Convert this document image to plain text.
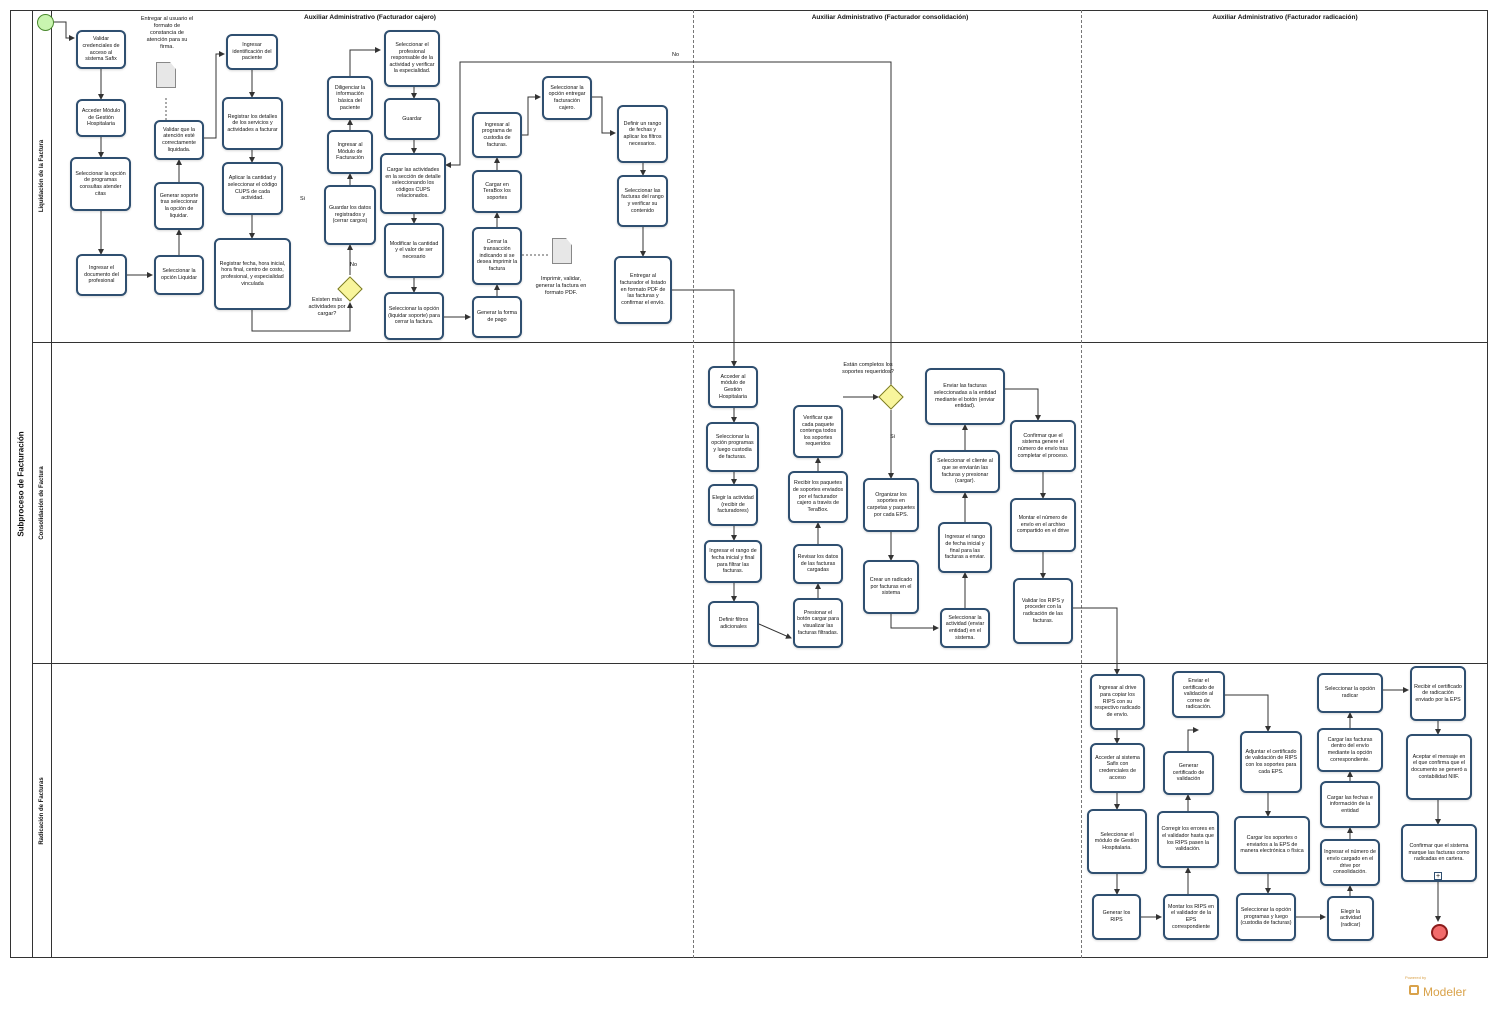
Subproceso de Facturación
Liquidación de la Factura
Consolidación de Factura
Radicación de Facturas
Auxiliar Administrativo (Facturador cajero)	Auxiliar Administrativo (Facturador consolidación)	Auxiliar Administrativo (Facturador radicación)
Existen más actividades por cargar?
Están completos los soportes requeridos?
Si
No
No
Si
Entregar al usuario el formato de constancia de atención para su firma.
Imprimir, validar, generar la factura en formato PDF.
Validar credenciales de acceso al sistema Safix
Acceder Módulo de Gestión Hospitalaria
Seleccionar la opción de programas consultas atender citas
Ingresar el documento del profesional
Seleccionar la opción Liquidar
Generar soporte tras seleccionar la opción de liquidar.
Validar que la atención esté correctamente liquidada.
Ingresar identificación del paciente
Registrar los detalles de los servicios y actividades a facturar
Aplicar la cantidad y seleccionar el código CUPS de cada actividad.
Registrar fecha, hora inicial, hora final, centro de costo, profesional, y especialidad vinculada
Diligenciar la información básica del paciente
Ingresar al Módulo de Facturación
Guardar los datos registrados y (cerrar cargos)
Seleccionar el profesional responsable de la actividad y verificar la especialidad.
Guardar
Cargar las actividades en la sección de detalle seleccionando los códigos CUPS relacionados.
Modificar la cantidad y el valor de ser necesario
Seleccionar la opción (liquidar soporte) para cerrar la factura.
Ingresar al programa de custodia de facturas.
Cargar en TeraBox los soportes
Cerrar la transacción indicando si se desea imprimir la factura
Generar la forma de pago
Seleccionar la opción entregar facturación cajero.
Definir un rango de fechas y aplicar los filtros necesarios.
Seleccionar las facturas del rango y verificar su contenido
Entregar al facturador el listado en formato PDF de las facturas y confirmar el envío.
Acceder al módulo de Gestión Hospitalaria
Seleccionar la opción programas y luego custodia de facturas.
Elegir la actividad (recibir de facturadores)
Ingresar el rango de fecha inicial y final para filtrar las facturas.
Definir filtros adicionales
Presionar el botón cargar para visualizar las facturas filtradas.
Revisar los datos de las facturas cargadas
Recibir los paquetes de soportes enviados por el facturador cajero a través de TeraBox.
Verificar que cada paquete contenga todos los soportes requeridos
Organizar los soportes en carpetas y paquetes por cada EPS.
Crear un radicado por facturas en el sistema
Seleccionar la actividad (enviar entidad) en el sistema.
Ingresar el rango de fecha inicial y final para las facturas a enviar.
Seleccionar el cliente al que se enviarán las facturas y presionar (cargar).
Enviar las facturas seleccionadas a la entidad mediante el botón (enviar entidad).
Confirmar que el sistema genere el número de envío tras completar el proceso.
Montar el número de envío en el archivo compartido en el drive
Validar los RIPS y proceder con la radicación de las facturas.
Ingresar al drive para copiar los RIPS con su respectivo radicado de envío.
Acceder al sistema Safix con credenciales de acceso
Seleccionar el módulo de Gestión Hospitalaria.
Generar los RIPS
Montar los RIPS en el validador de la EPS correspondiente
Corregir los errores en el validador hasta que los RIPS pasen la validación.
Generar certificado de validación
Enviar el certificado de validación al correo de radicación.
Adjuntar el certificado de validación de RIPS con los soportes para cada EPS.
Cargar los soportes o enviarlos a la EPS de manera electrónica o física
Seleccionar la opción programas y luego (custodia de facturas)
Elegir la actividad (radicar)
Ingresar el número de envío cargado en el drive por consolidación.
Cargar las fechas e información de la entidad
Cargar las facturas dentro del envío mediante la opción correspondiente.
Seleccionar la opción radicar
Recibir el certificado de radicación enviado por la EPS
Aceptar el mensaje en el que confirma que el documento se generó a contabilidad NIIF.
Confirmar que el sistema marque las facturas como radicadas en cartera.
+
Powered by
Modeler
